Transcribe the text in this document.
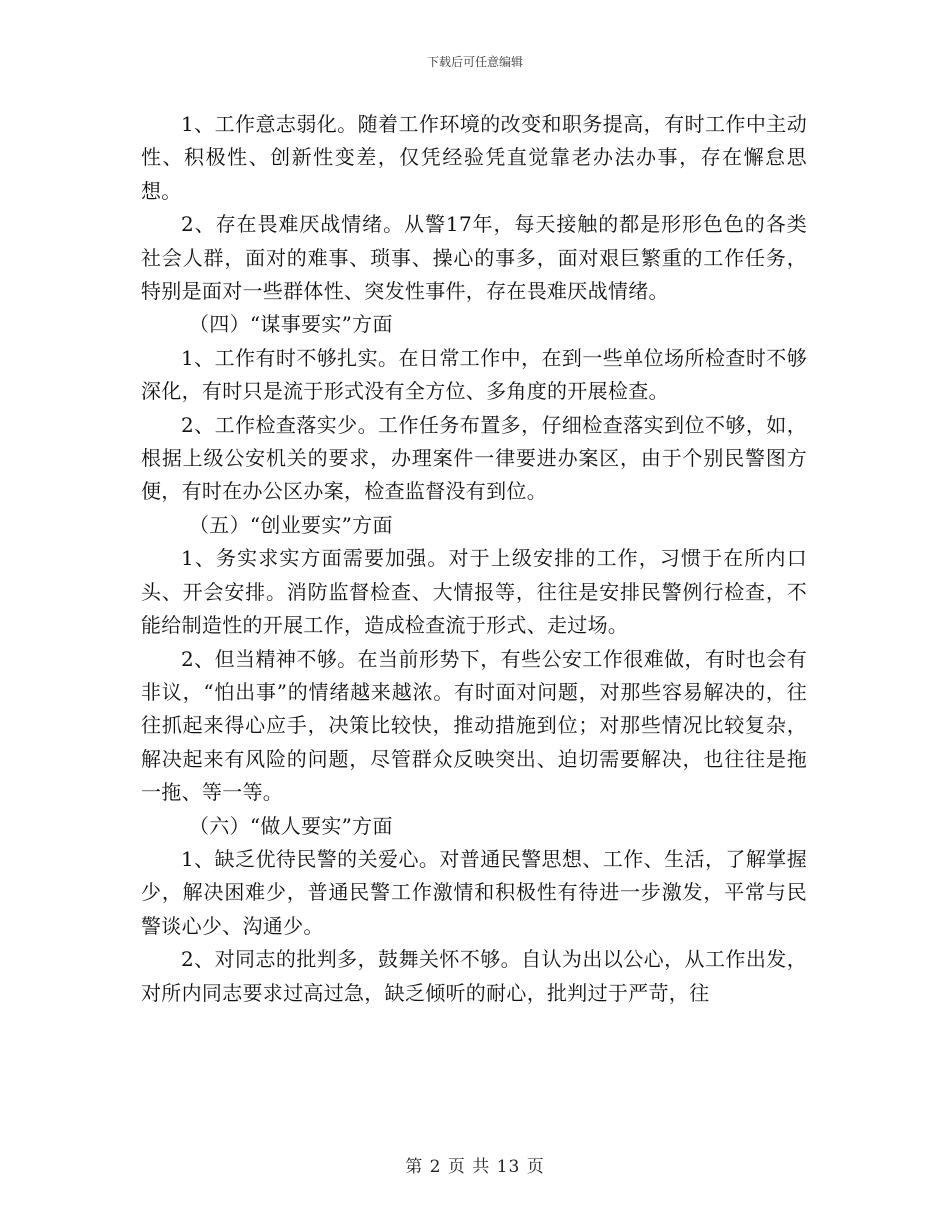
下载后可任意编辑

1、工作意志弱化。随着工作环境的改变和职务提高，有时工作中主动性、积极性、创新性变差，仅凭经验凭直觉靠老办法办事，存在懈怠思想。

2、存在畏难厌战情绪。从警17年，每天接触的都是形形色色的各类社会人群，面对的难事、琐事、操心的事多，面对艰巨繁重的工作任务，特别是面对一些群体性、突发性事件，存在畏难厌战情绪。

（四）“谋事要实”方面

1、工作有时不够扎实。在日常工作中，在到一些单位场所检查时不够深化，有时只是流于形式没有全方位、多角度的开展检查。

2、工作检查落实少。工作任务布置多，仔细检查落实到位不够，如，根据上级公安机关的要求，办理案件一律要进办案区，由于个别民警图方便，有时在办公区办案，检查监督没有到位。

（五）“创业要实”方面

1、务实求实方面需要加强。对于上级安排的工作，习惯于在所内口头、开会安排。消防监督检查、大情报等，往往是安排民警例行检查，不能给制造性的开展工作，造成检查流于形式、走过场。

2、但当精神不够。在当前形势下，有些公安工作很难做，有时也会有非议，“怕出事”的情绪越来越浓。有时面对问题，对那些容易解决的，往往抓起来得心应手，决策比较快，推动措施到位；对那些情况比较复杂，解决起来有风险的问题，尽管群众反映突出、迫切需要解决，也往往是拖一拖、等一等。

（六）“做人要实”方面

1、缺乏优待民警的关爱心。对普通民警思想、工作、生活，了解掌握少，解决困难少，普通民警工作激情和积极性有待进一步激发，平常与民警谈心少、沟通少。

2、对同志的批判多，鼓舞关怀不够。自认为出以公心，从工作出发，对所内同志要求过高过急，缺乏倾听的耐心，批判过于严苛，往

第 2 页 共 13 页
